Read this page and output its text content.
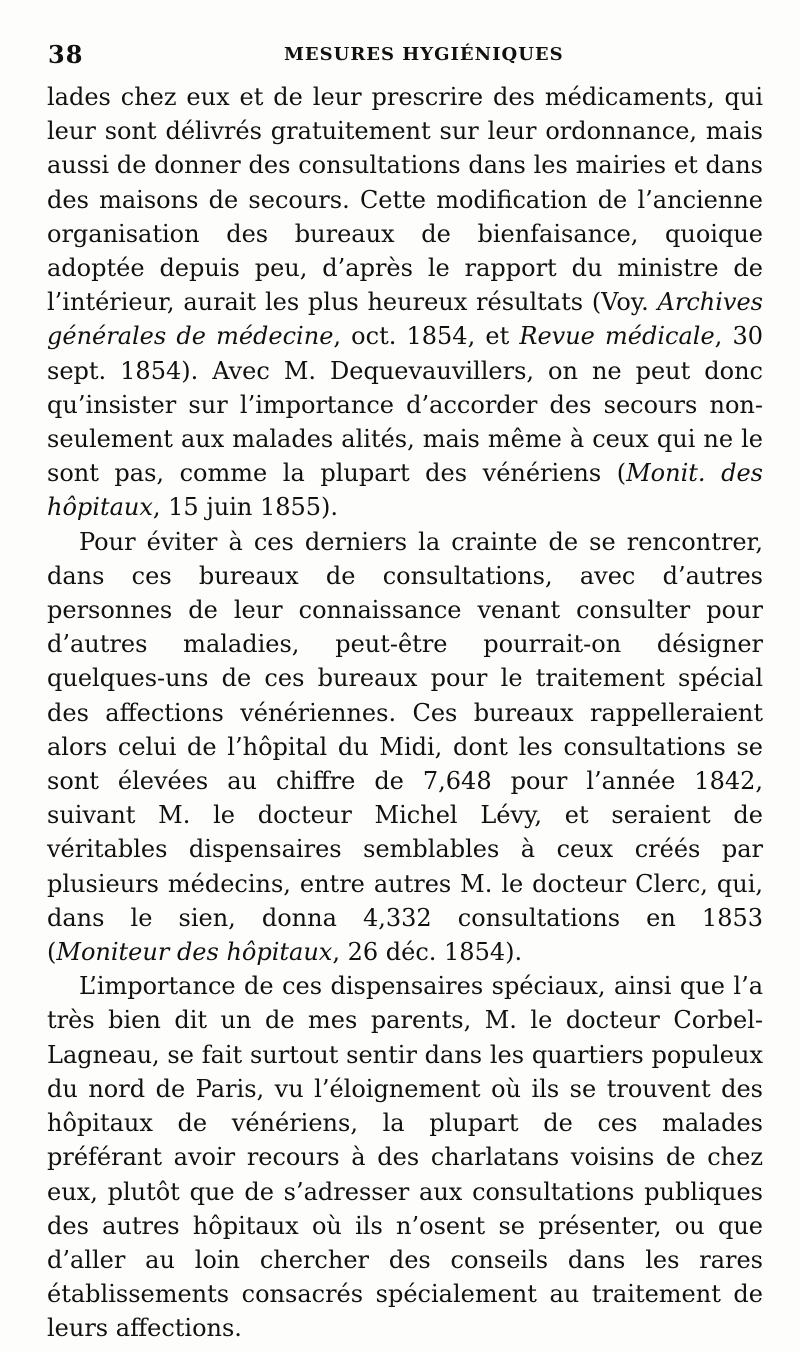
38	MESURES HYGIÉNIQUES

lades chez eux et de leur prescrire des médicaments, qui leur sont délivrés gratuitement sur leur ordonnance, mais aussi de donner des consultations dans les mairies et dans des maisons de secours. Cette modification de l’ancienne organisation des bureaux de bienfaisance, quoique adoptée depuis peu, d’après le rapport du ministre de l’intérieur, aurait les plus heureux résultats (Voy. Archives générales de médecine, oct. 1854, et Revue médicale, 30 sept. 1854). Avec M. Dequevauvillers, on ne peut donc qu’insister sur l’importance d’accorder des secours non-seulement aux malades alités, mais même à ceux qui ne le sont pas, comme la plupart des vénériens (Monit. des hôpitaux, 15 juin 1855).

Pour éviter à ces derniers la crainte de se rencontrer, dans ces bureaux de consultations, avec d’autres personnes de leur connaissance venant consulter pour d’autres maladies, peut-être pourrait-on désigner quelques-uns de ces bureaux pour le traitement spécial des affections vénériennes. Ces bureaux rappelleraient alors celui de l’hôpital du Midi, dont les consultations se sont élevées au chiffre de 7,648 pour l’année 1842, suivant M. le docteur Michel Lévy, et seraient de véritables dispensaires semblables à ceux créés par plusieurs médecins, entre autres M. le docteur Clerc, qui, dans le sien, donna 4,332 consultations en 1853 (Moniteur des hôpitaux, 26 déc. 1854).

L’importance de ces dispensaires spéciaux, ainsi que l’a très bien dit un de mes parents, M. le docteur Corbel-Lagneau, se fait surtout sentir dans les quartiers populeux du nord de Paris, vu l’éloignement où ils se trouvent des hôpitaux de vénériens, la plupart de ces malades préférant avoir recours à des charlatans voisins de chez eux, plutôt que de s’adresser aux consultations publiques des autres hôpitaux où ils n’osent se présenter, ou que d’aller au loin chercher des conseils dans les rares établissements consacrés spécialement au traitement de leurs affections.
